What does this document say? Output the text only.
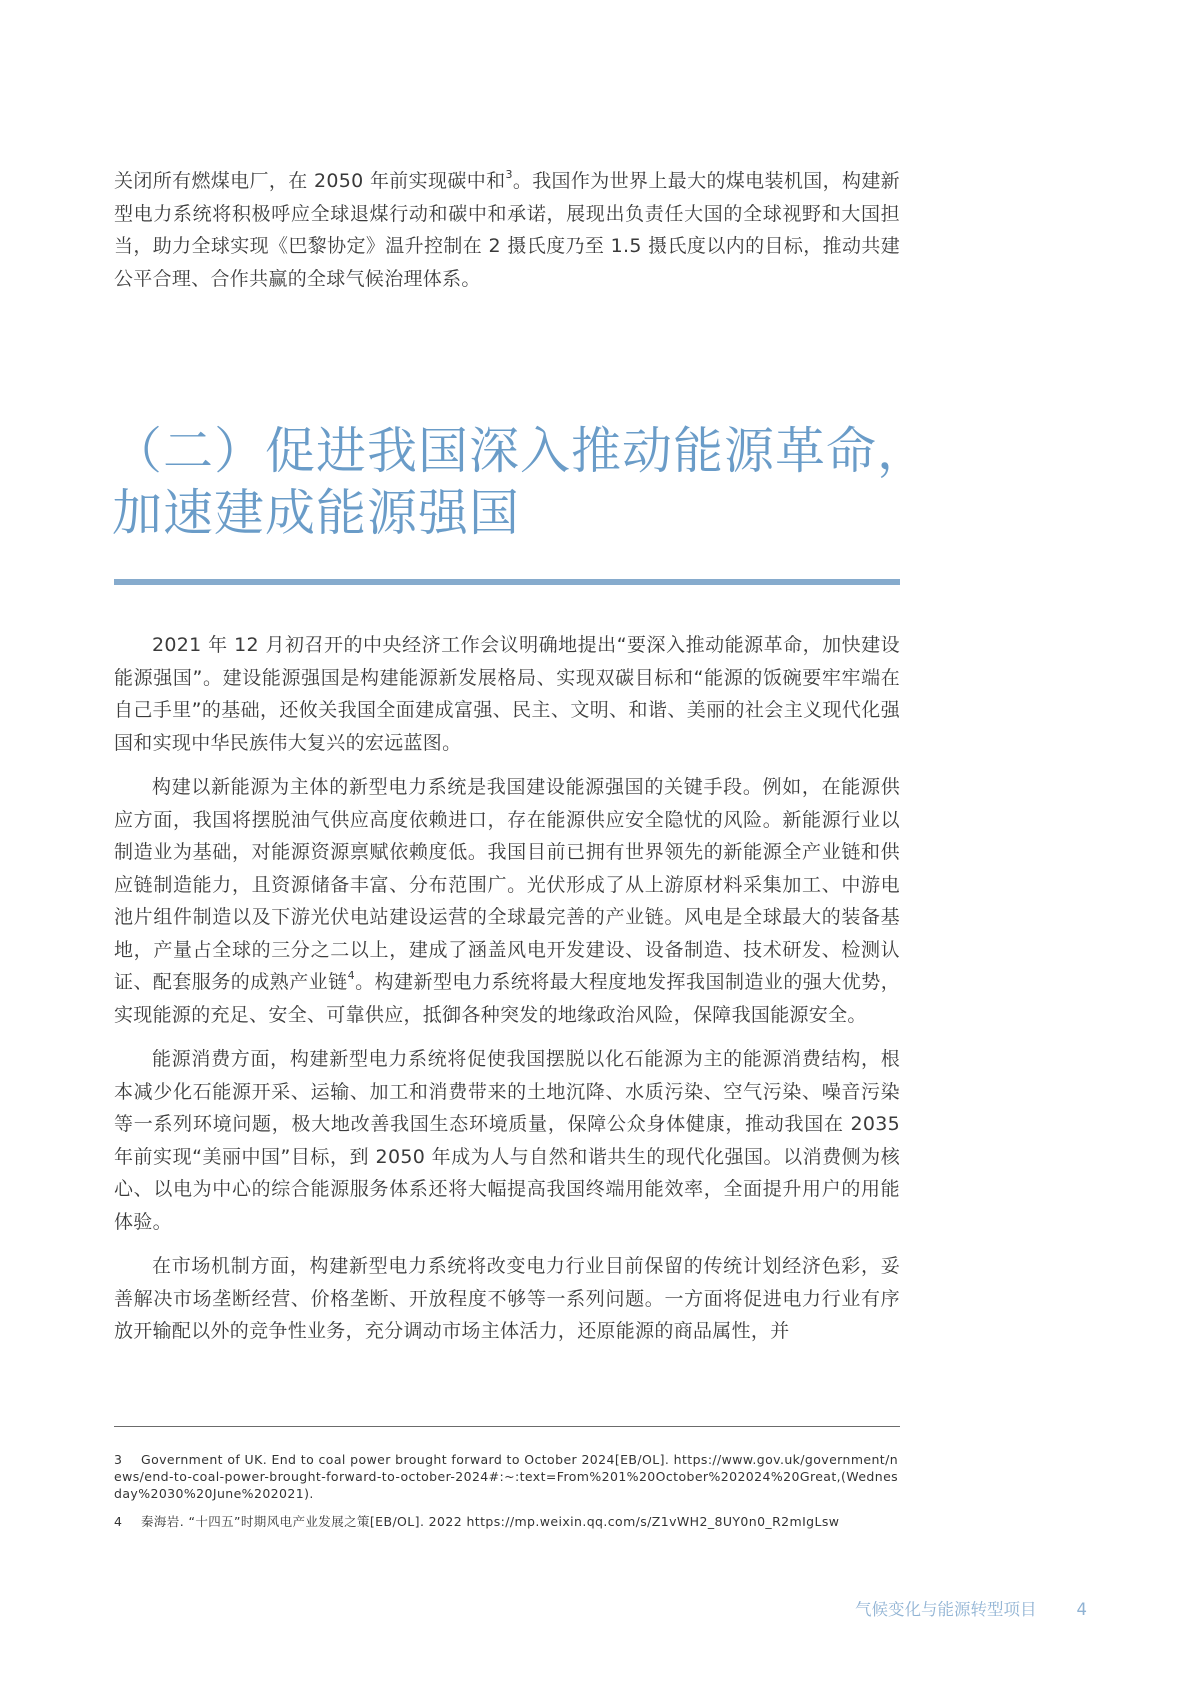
关闭所有燃煤电厂，在 2050 年前实现碳中和$^3$。我国作为世界上最大的煤电装机国，构建新型电力系统将积极呼应全球退煤行动和碳中和承诺，展现出负责任大国的全球视野和大国担当，助力全球实现《巴黎协定》温升控制在 2 摄氏度乃至 1.5 摄氏度以内的目标，推动共建公平合理、合作共赢的全球气候治理体系。

（二）促进我国深入推动能源革命，
加速建成能源强国

2021 年 12 月初召开的中央经济工作会议明确地提出“要深入推动能源革命，加快建设能源强国”。建设能源强国是构建能源新发展格局、实现双碳目标和“能源的饭碗要牢牢端在自己手里”的基础，还攸关我国全面建成富强、民主、文明、和谐、美丽的社会主义现代化强国和实现中华民族伟大复兴的宏远蓝图。

构建以新能源为主体的新型电力系统是我国建设能源强国的关键手段。例如，在能源供应方面，我国将摆脱油气供应高度依赖进口，存在能源供应安全隐忧的风险。新能源行业以制造业为基础，对能源资源禀赋依赖度低。我国目前已拥有世界领先的新能源全产业链和供应链制造能力，且资源储备丰富、分布范围广。光伏形成了从上游原材料采集加工、中游电池片组件制造以及下游光伏电站建设运营的全球最完善的产业链。风电是全球最大的装备基地，产量占全球的三分之二以上，建成了涵盖风电开发建设、设备制造、技术研发、检测认证、配套服务的成熟产业链$^4$。构建新型电力系统将最大程度地发挥我国制造业的强大优势，实现能源的充足、安全、可靠供应，抵御各种突发的地缘政治风险，保障我国能源安全。

能源消费方面，构建新型电力系统将促使我国摆脱以化石能源为主的能源消费结构，根本减少化石能源开采、运输、加工和消费带来的土地沉降、水质污染、空气污染、噪音污染等一系列环境问题，极大地改善我国生态环境质量，保障公众身体健康，推动我国在 2035 年前实现“美丽中国”目标，到 2050 年成为人与自然和谐共生的现代化强国。以消费侧为核心、以电为中心的综合能源服务体系还将大幅提高我国终端用能效率，全面提升用户的用能体验。

在市场机制方面，构建新型电力系统将改变电力行业目前保留的传统计划经济色彩，妥善解决市场垄断经营、价格垄断、开放程度不够等一系列问题。一方面将促进电力行业有序放开输配以外的竞争性业务，充分调动市场主体活力，还原能源的商品属性，并

3 Government of UK. End to coal power brought forward to October 2024[EB/OL]. https://www.gov.uk/government/news/end-to-coal-power-brought-forward-to-october-2024#:~:text=From%201%20October%202024%20Great,(Wednesday%2030%20June%202021).

4 秦海岩. “十四五”时期风电产业发展之策[EB/OL]. 2022 https://mp.weixin.qq.com/s/Z1vWH2_8UY0n0_R2mIgLsw

气候变化与能源转型项目 4
